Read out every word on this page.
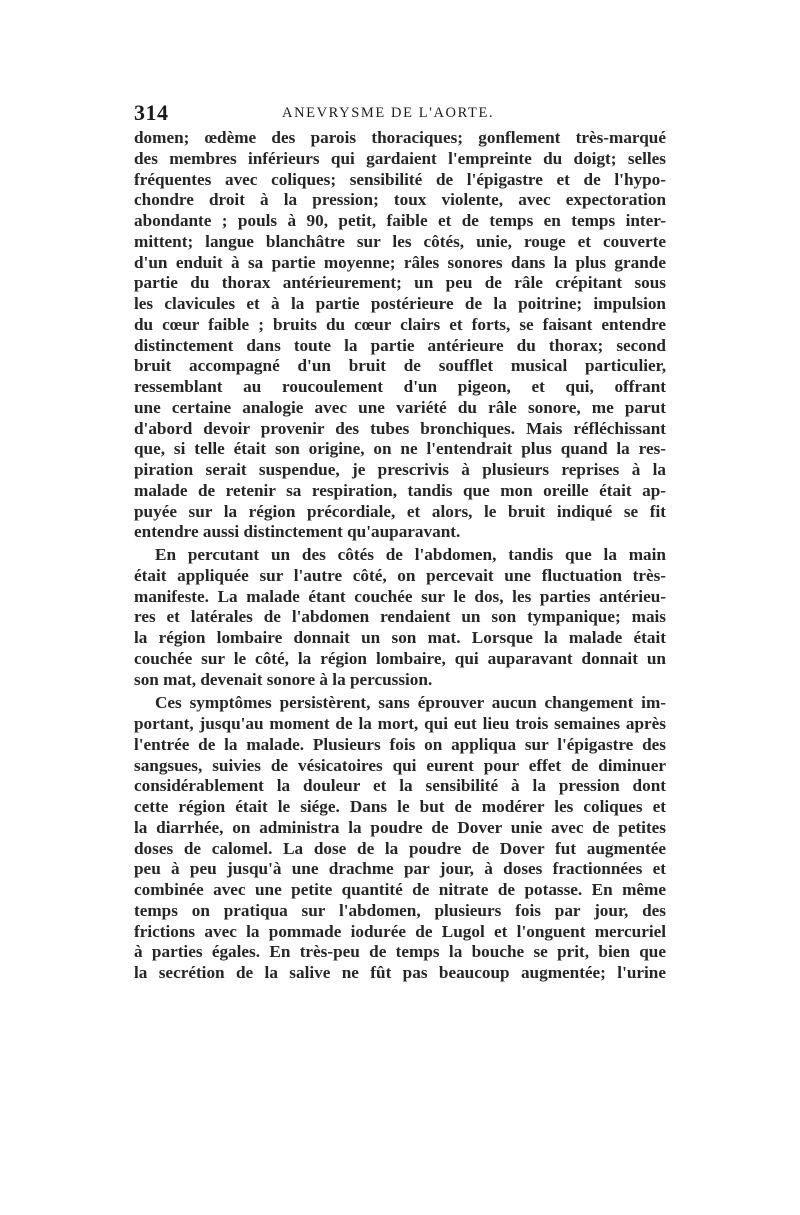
314	ANEVRYSME DE L'AORTE.
domen; œdème des parois thoraciques; gonflement très-marqué
des membres inférieurs qui gardaient l'empreinte du doigt; selles
fréquentes avec coliques; sensibilité de l'épigastre et de l'hypo-
chondre droit à la pression; toux violente, avec expectoration
abondante ; pouls à 90, petit, faible et de temps en temps inter-
mittent; langue blanchâtre sur les côtés, unie, rouge et couverte
d'un enduit à sa partie moyenne; râles sonores dans la plus grande
partie du thorax antérieurement; un peu de râle crépitant sous
les clavicules et à la partie postérieure de la poitrine; impulsion
du cœur faible ; bruits du cœur clairs et forts, se faisant entendre
distinctement dans toute la partie antérieure du thorax; second
bruit accompagné d'un bruit de soufflet musical particulier,
ressemblant au roucoulement d'un pigeon, et qui, offrant
une certaine analogie avec une variété du râle sonore, me parut
d'abord devoir provenir des tubes bronchiques. Mais réfléchissant
que, si telle était son origine, on ne l'entendrait plus quand la res-
piration serait suspendue, je prescrivis à plusieurs reprises à la
malade de retenir sa respiration, tandis que mon oreille était ap-
puyée sur la région précordiale, et alors, le bruit indiqué se fit
entendre aussi distinctement qu'auparavant.
En percutant un des côtés de l'abdomen, tandis que la main
était appliquée sur l'autre côté, on percevait une fluctuation très-
manifeste. La malade étant couchée sur le dos, les parties antérieu-
res et latérales de l'abdomen rendaient un son tympanique; mais
la région lombaire donnait un son mat. Lorsque la malade était
couchée sur le côté, la région lombaire, qui auparavant donnait un
son mat, devenait sonore à la percussion.
Ces symptômes persistèrent, sans éprouver aucun changement im-
portant, jusqu'au moment de la mort, qui eut lieu trois semaines après
l'entrée de la malade. Plusieurs fois on appliqua sur l'épigastre des
sangsues, suivies de vésicatoires qui eurent pour effet de diminuer
considérablement la douleur et la sensibilité à la pression dont
cette région était le siége. Dans le but de modérer les coliques et
la diarrhée, on administra la poudre de Dover unie avec de petites
doses de calomel. La dose de la poudre de Dover fut augmentée
peu à peu jusqu'à une drachme par jour, à doses fractionnées et
combinée avec une petite quantité de nitrate de potasse. En même
temps on pratiqua sur l'abdomen, plusieurs fois par jour, des
frictions avec la pommade iodurée de Lugol et l'onguent mercuriel
à parties égales. En très-peu de temps la bouche se prit, bien que
la secrétion de la salive ne fût pas beaucoup augmentée; l'urine
